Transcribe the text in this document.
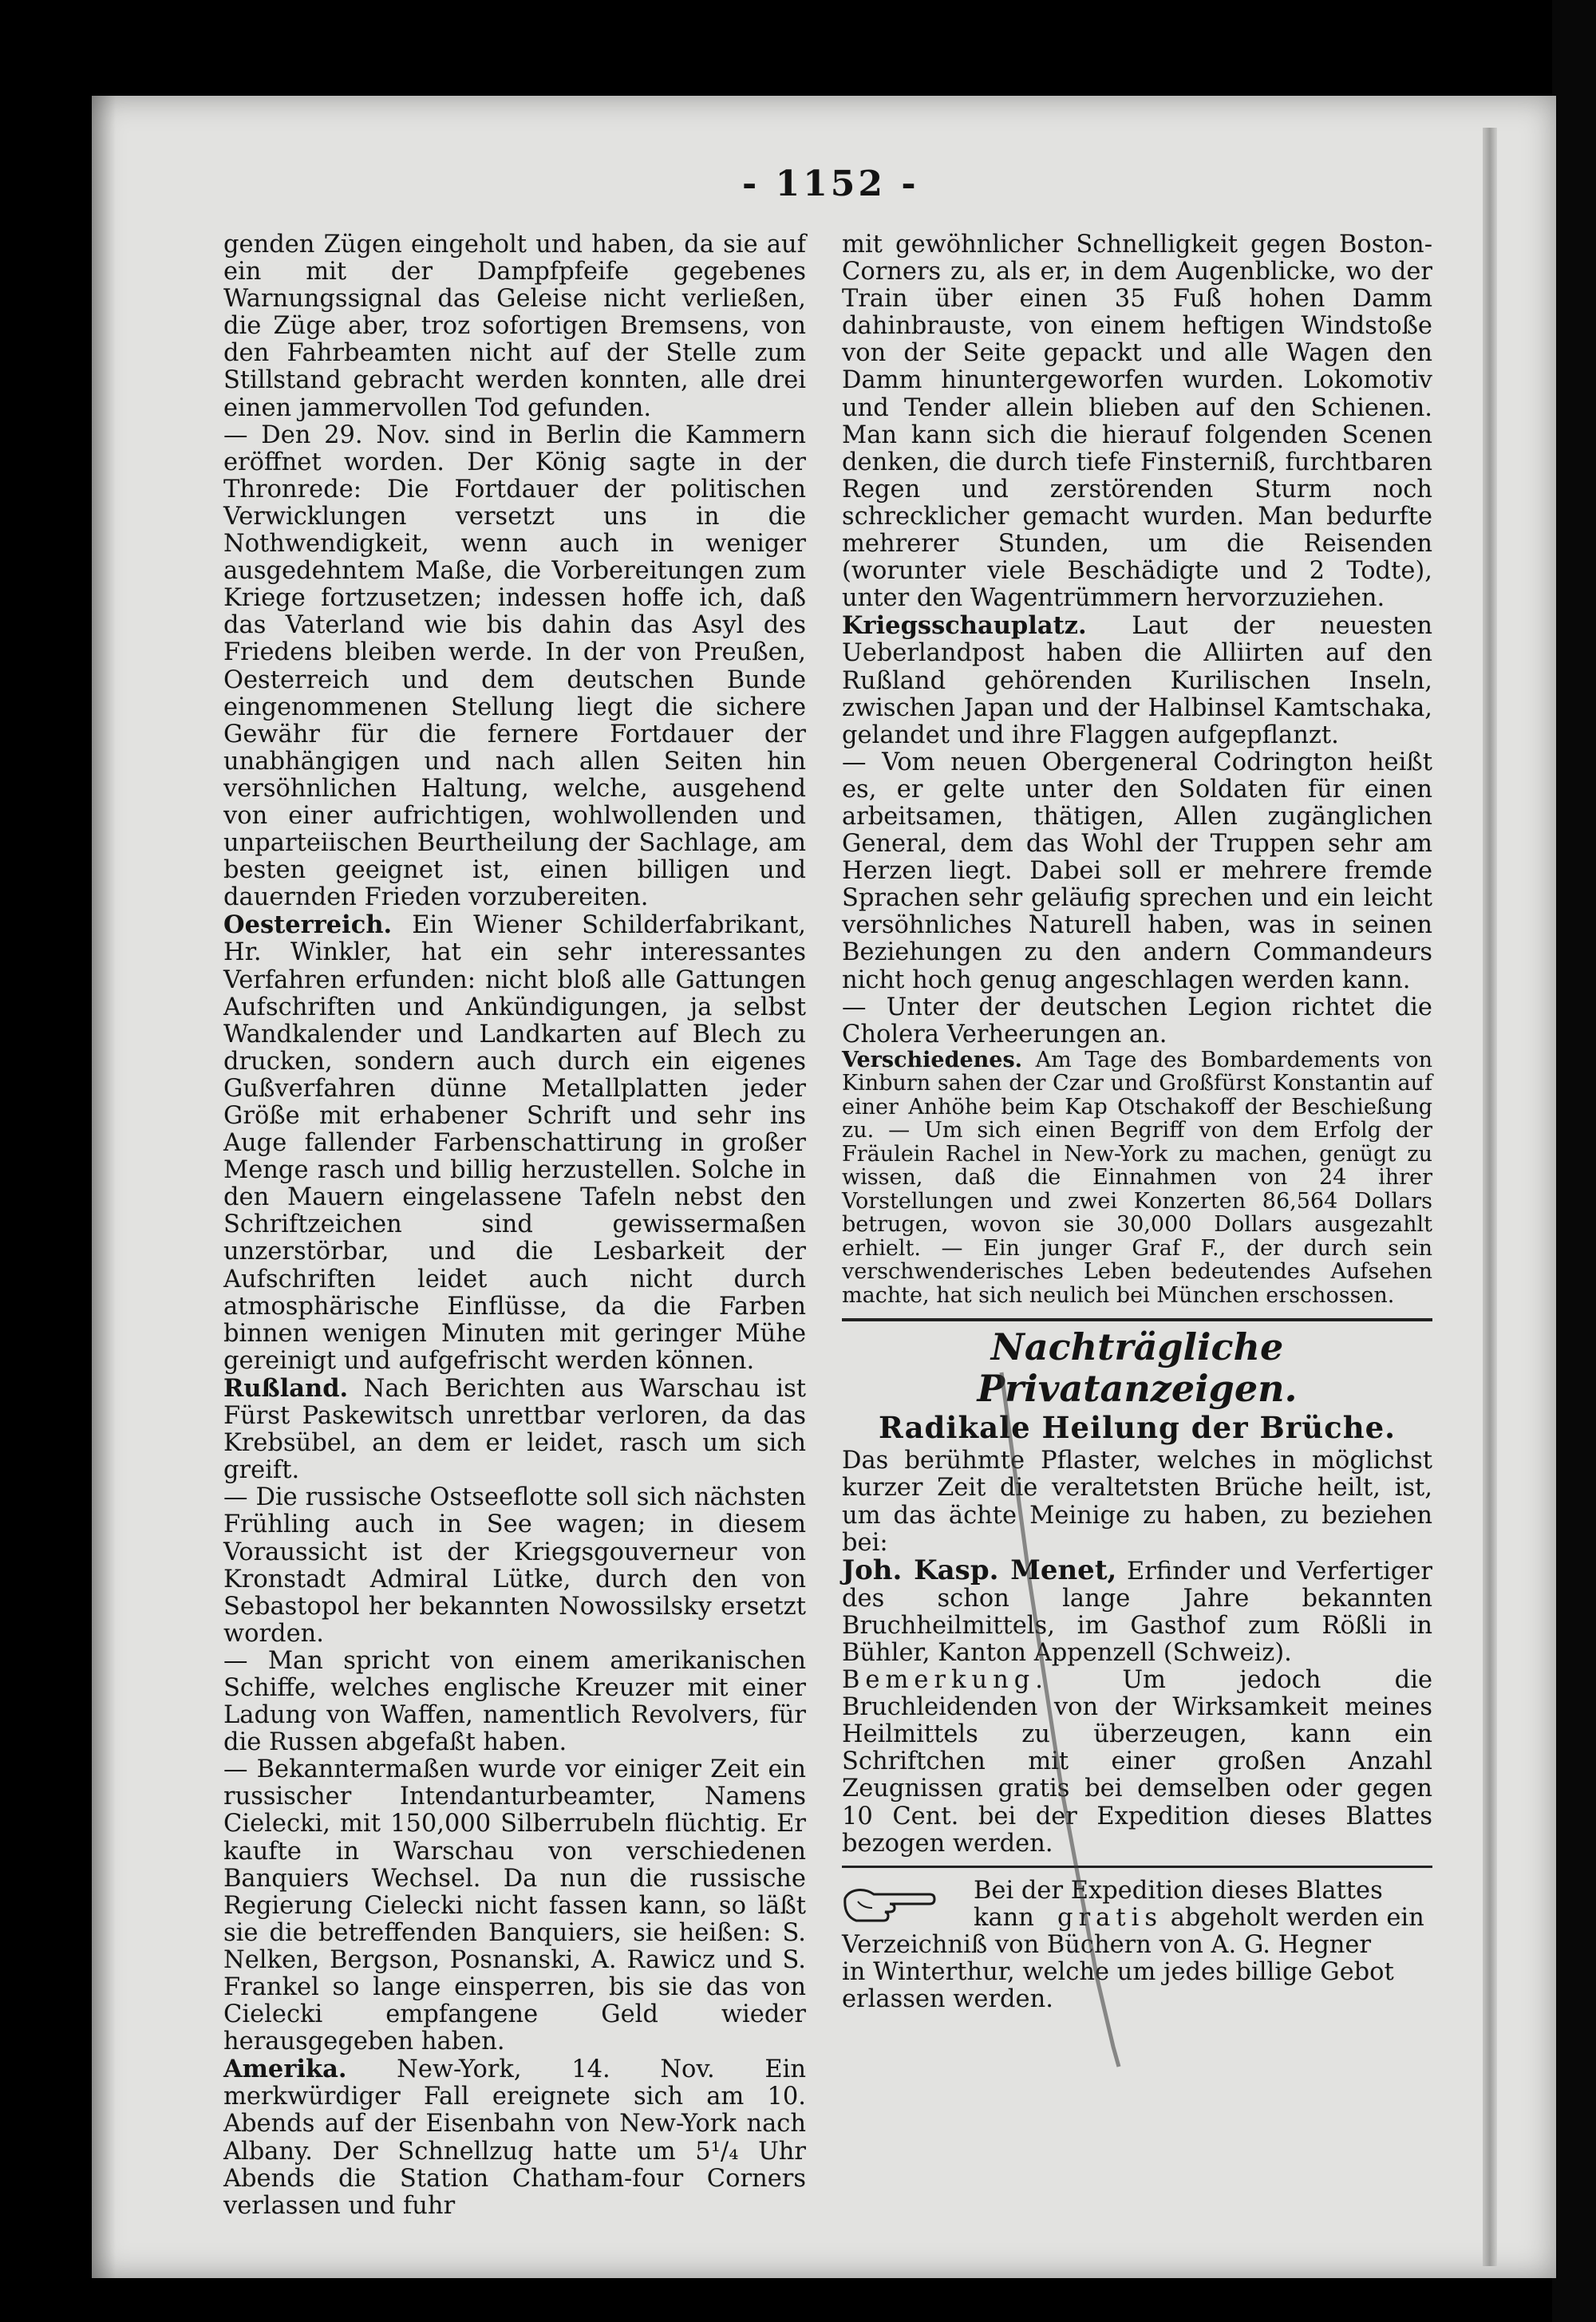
- 1152 -

genden Zügen eingeholt und haben, da sie auf ein mit der Dampfpfeife gegebenes Warnungssignal das Geleise nicht verließen, die Züge aber, troz sofortigen Bremsens, von den Fahrbeamten nicht auf der Stelle zum Stillstand gebracht werden konnten, alle drei einen jammervollen Tod gefunden.

— Den 29. Nov. sind in Berlin die Kammern eröffnet worden. Der König sagte in der Thronrede: Die Fortdauer der politischen Verwicklungen versetzt uns in die Nothwendigkeit, wenn auch in weniger ausgedehntem Maße, die Vorbereitungen zum Kriege fortzusetzen; indessen hoffe ich, daß das Vaterland wie bis dahin das Asyl des Friedens bleiben werde. In der von Preußen, Oesterreich und dem deutschen Bunde eingenommenen Stellung liegt die sichere Gewähr für die fernere Fortdauer der unabhängigen und nach allen Seiten hin versöhnlichen Haltung, welche, ausgehend von einer aufrichtigen, wohlwollenden und unparteiischen Beurtheilung der Sachlage, am besten geeignet ist, einen billigen und dauernden Frieden vorzubereiten.

Oesterreich. Ein Wiener Schilderfabrikant, Hr. Winkler, hat ein sehr interessantes Verfahren erfunden: nicht bloß alle Gattungen Aufschriften und Ankündigungen, ja selbst Wandkalender und Landkarten auf Blech zu drucken, sondern auch durch ein eigenes Gußverfahren dünne Metallplatten jeder Größe mit erhabener Schrift und sehr ins Auge fallender Farbenschattirung in großer Menge rasch und billig herzustellen. Solche in den Mauern eingelassene Tafeln nebst den Schriftzeichen sind gewissermaßen unzerstörbar, und die Lesbarkeit der Aufschriften leidet auch nicht durch atmosphärische Einflüsse, da die Farben binnen wenigen Minuten mit geringer Mühe gereinigt und aufgefrischt werden können.

Rußland. Nach Berichten aus Warschau ist Fürst Paskewitsch unrettbar verloren, da das Krebsübel, an dem er leidet, rasch um sich greift.

— Die russische Ostseeflotte soll sich nächsten Frühling auch in See wagen; in diesem Voraussicht ist der Kriegsgouverneur von Kronstadt Admiral Lütke, durch den von Sebastopol her bekannten Nowossilsky ersetzt worden.

— Man spricht von einem amerikanischen Schiffe, welches englische Kreuzer mit einer Ladung von Waffen, namentlich Revolvers, für die Russen abgefaßt haben.

— Bekanntermaßen wurde vor einiger Zeit ein russischer Intendanturbeamter, Namens Cielecki, mit 150,000 Silberrubeln flüchtig. Er kaufte in Warschau von verschiedenen Banquiers Wechsel. Da nun die russische Regierung Cielecki nicht fassen kann, so läßt sie die betreffenden Banquiers, sie heißen: S. Nelken, Bergson, Posnanski, A. Rawicz und S. Frankel so lange einsperren, bis sie das von Cielecki empfangene Geld wieder herausgegeben haben.

Amerika. New-York, 14. Nov. Ein merkwürdiger Fall ereignete sich am 10. Abends auf der Eisenbahn von New-York nach Albany. Der Schnellzug hatte um 5¹/₄ Uhr Abends die Station Chatham-four Corners verlassen und fuhr

mit gewöhnlicher Schnelligkeit gegen Boston-Corners zu, als er, in dem Augenblicke, wo der Train über einen 35 Fuß hohen Damm dahinbrauste, von einem heftigen Windstoße von der Seite gepackt und alle Wagen den Damm hinuntergeworfen wurden. Lokomotiv und Tender allein blieben auf den Schienen. Man kann sich die hierauf folgenden Scenen denken, die durch tiefe Finsterniß, furchtbaren Regen und zerstörenden Sturm noch schrecklicher gemacht wurden. Man bedurfte mehrerer Stunden, um die Reisenden (worunter viele Beschädigte und 2 Todte), unter den Wagentrümmern hervorzuziehen.

Kriegsschauplatz. Laut der neuesten Ueberlandpost haben die Alliirten auf den Rußland gehörenden Kurilischen Inseln, zwischen Japan und der Halbinsel Kamtschaka, gelandet und ihre Flaggen aufgepflanzt.

— Vom neuen Obergeneral Codrington heißt es, er gelte unter den Soldaten für einen arbeitsamen, thätigen, Allen zugänglichen General, dem das Wohl der Truppen sehr am Herzen liegt. Dabei soll er mehrere fremde Sprachen sehr geläufig sprechen und ein leicht versöhnliches Naturell haben, was in seinen Beziehungen zu den andern Commandeurs nicht hoch genug angeschlagen werden kann.

— Unter der deutschen Legion richtet die Cholera Verheerungen an.

Verschiedenes. Am Tage des Bombardements von Kinburn sahen der Czar und Großfürst Konstantin auf einer Anhöhe beim Kap Otschakoff der Beschießung zu. — Um sich einen Begriff von dem Erfolg der Fräulein Rachel in New-York zu machen, genügt zu wissen, daß die Einnahmen von 24 ihrer Vorstellungen und zwei Konzerten 86,564 Dollars betrugen, wovon sie 30,000 Dollars ausgezahlt erhielt. — Ein junger Graf F., der durch sein verschwenderisches Leben bedeutendes Aufsehen machte, hat sich neulich bei München erschossen.

Nachträgliche Privatanzeigen.
Radikale Heilung der Brüche.

Das berühmte Pflaster, welches in möglichst kurzer Zeit die veraltetsten Brüche heilt, ist, um das ächte Meinige zu haben, zu beziehen bei:

Joh. Kasp. Menet, Erfinder und Verfertiger des schon lange Jahre bekannten Bruchheilmittels, im Gasthof zum Rößli in Bühler, Kanton Appenzell (Schweiz).

Bemerkung.	Um jedoch die Bruchleidenden von der Wirksamkeit meines Heilmittels zu überzeugen, kann ein Schriftchen mit einer großen Anzahl Zeugnissen gratis bei demselben oder gegen 10 Cent. bei der Expedition dieses Blattes bezogen werden.

Bei der Expedition dieses Blattes

kann gratis abgeholt werden ein

Verzeichniß von Büchern von A. G. Hegner

in Winterthur, welche um jedes billige Gebot

erlassen werden.
